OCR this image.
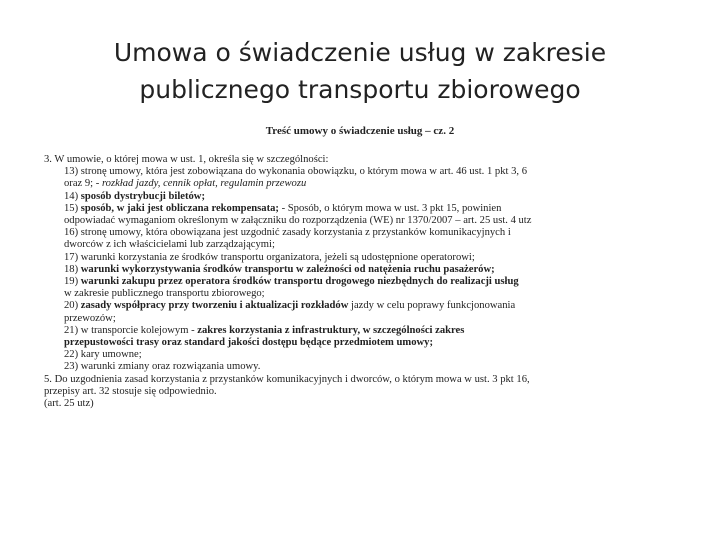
Umowa o świadczenie usług w zakresie publicznego transportu zbiorowego
Treść umowy o świadczenie usług – cz. 2

3. W umowie, o której mowa w ust. 1, określa się w szczególności:

13) stronę umowy, która jest zobowiązana do wykonania obowiązku, o którym mowa w art. 46 ust. 1 pkt 3, 6

oraz 9; - rozkład jazdy, cennik opłat, regulamin przewozu

14) sposób dystrybucji biletów;

15) sposób, w jaki jest obliczana rekompensata; - Sposób, o którym mowa w ust. 3 pkt 15, powinien

odpowiadać wymaganiom określonym w załączniku do rozporządzenia (WE) nr 1370/2007 – art. 25 ust. 4 utz

16) stronę umowy, która obowiązana jest uzgodnić zasady korzystania z przystanków komunikacyjnych i

dworców z ich właścicielami lub zarządzającymi;

17) warunki korzystania ze środków transportu organizatora, jeżeli są udostępnione operatorowi;

18) warunki wykorzystywania środków transportu w zależności od natężenia ruchu pasażerów;

19) warunki zakupu przez operatora środków transportu drogowego niezbędnych do realizacji usług

w zakresie publicznego transportu zbiorowego;

20) zasady współpracy przy tworzeniu i aktualizacji rozkładów jazdy w celu poprawy funkcjonowania

przewozów;

21) w transporcie kolejowym - zakres korzystania z infrastruktury, w szczególności zakres

przepustowości trasy oraz standard jakości dostępu będące przedmiotem umowy;

22) kary umowne;

23) warunki zmiany oraz rozwiązania umowy.

5. Do uzgodnienia zasad korzystania z przystanków komunikacyjnych i dworców, o którym mowa w ust. 3 pkt 16,

przepisy art. 32 stosuje się odpowiednio.

(art. 25 utz)
